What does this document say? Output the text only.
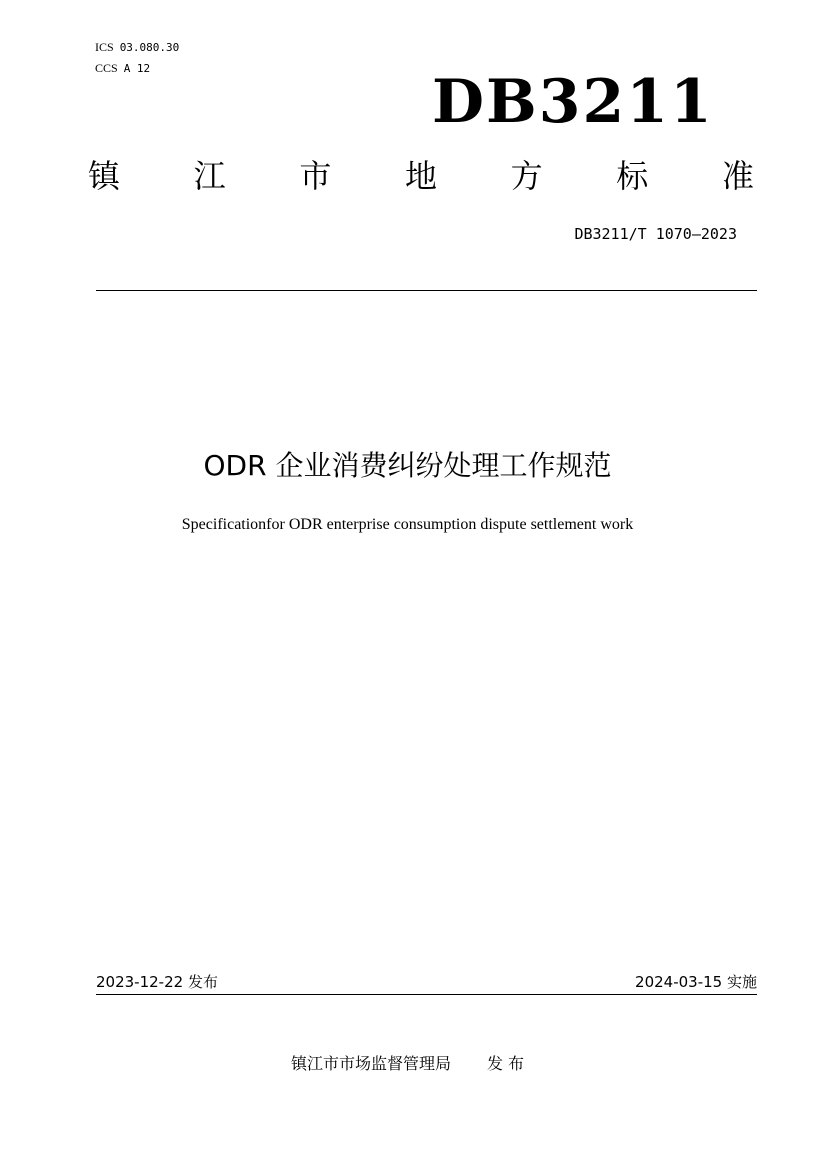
ICS 03.080.30
CCS A 12	DB3211
镇 江 市 地 方 标 准
DB3211/T 1070—2023
ODR 企业消费纠纷处理工作规范
Specificationfor ODR enterprise consumption dispute settlement work
2023-12-22 发布	2024-03-15 实施
镇江市市场监督管理局 发 布
